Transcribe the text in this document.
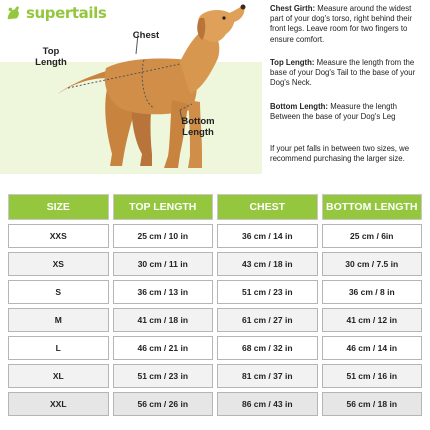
supertails
Chest
Top Length
Bottom Length
Chest Girth: Measure around the widest part of your dog's torso, right behind their front legs. Leave room for two fingers to ensure comfort.
Top Length: Measure the length from the base of your Dog's Tail to the base of your Dog's Neck.
Bottom Length: Measure the length Between the base of your Dog's Leg
If your pet falls in between two sizes, we recommend purchasing the larger size.
SIZE	TOP LENGTH	CHEST	BOTTOM LENGTH
XXS	25 cm / 10 in	36 cm / 14 in	25 cm / 6in
XS	30 cm / 11 in	43 cm / 18 in	30 cm / 7.5 in
S	36 cm / 13 in	51 cm / 23 in	36 cm / 8 in
M	41 cm / 18 in	61 cm / 27 in	41 cm / 12 in
L	46 cm / 21 in	68 cm / 32 in	46 cm / 14 in
XL	51 cm / 23 in	81 cm / 37 in	51 cm / 16 in
XXL	56 cm / 26 in	86 cm / 43 in	56 cm / 18 in
